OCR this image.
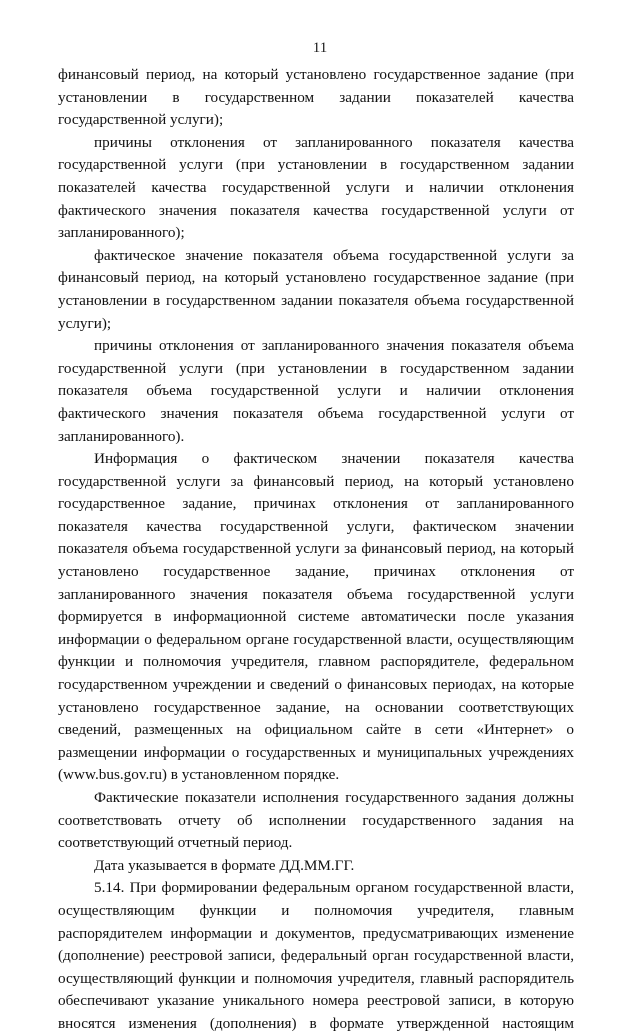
11

финансовый период, на который установлено государственное задание (при установлении в государственном задании показателей качества государственной услуги);

причины отклонения от запланированного показателя качества государственной услуги (при установлении в государственном задании показателей качества государственной услуги и наличии отклонения фактического значения показателя качества государственной услуги от запланированного);

фактическое значение показателя объема государственной услуги за финансовый период, на который установлено государственное задание (при установлении в государственном задании показателя объема государственной услуги);

причины отклонения от запланированного значения показателя объема государственной услуги (при установлении в государственном задании показателя объема государственной услуги и наличии отклонения фактического значения показателя объема государственной услуги от запланированного).

Информация о фактическом значении показателя качества государственной услуги за финансовый период, на который установлено государственное задание, причинах отклонения от запланированного показателя качества государственной услуги, фактическом значении показателя объема государственной услуги за финансовый период, на который установлено государственное задание, причинах отклонения от запланированного значения показателя объема государственной услуги формируется в информационной системе автоматически после указания информации о федеральном органе государственной власти, осуществляющим функции и полномочия учредителя, главном распорядителе, федеральном государственном учреждении и сведений о финансовых периодах, на которые установлено государственное задание, на основании соответствующих сведений, размещенных на официальном сайте в сети «Интернет» о размещении информации о государственных и муниципальных учреждениях (www.bus.gov.ru) в установленном порядке.

Фактические показатели исполнения государственного задания должны соответствовать отчету об исполнении государственного задания на соответствующий отчетный период.

Дата указывается в формате ДД.ММ.ГГ.

5.14. При формировании федеральным органом государственной власти, осуществляющим функции и полномочия учредителя, главным распорядителем информации и документов, предусматривающих изменение (дополнение) реестровой записи, федеральный орган государственной власти, осуществляющий функции и полномочия учредителя, главный распорядитель обеспечивают указание уникального номера реестровой записи, в которую вносятся изменения (дополнения) в формате утвержденной настоящим
